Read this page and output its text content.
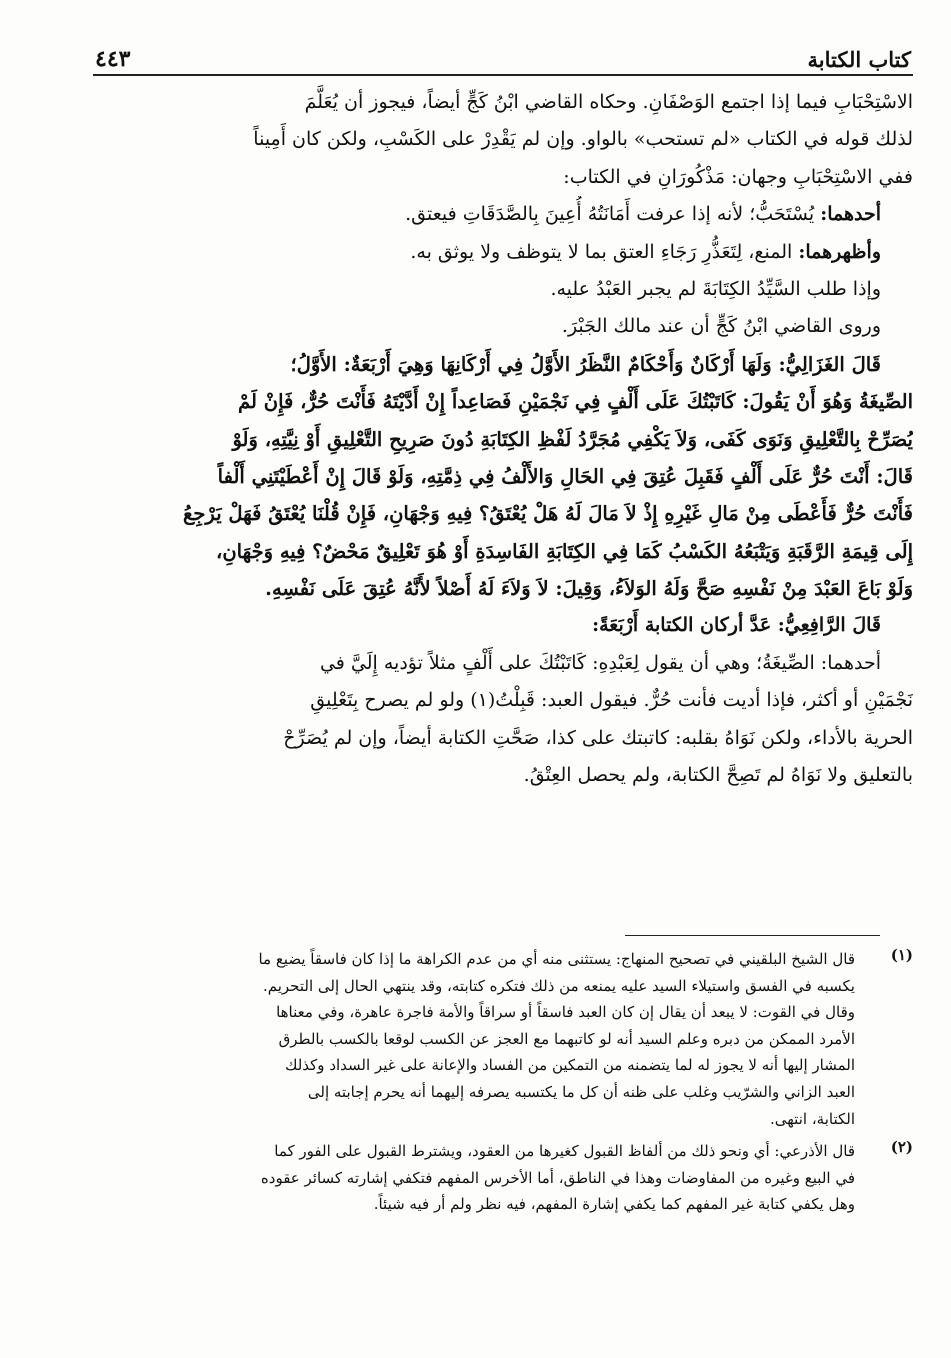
كتاب الكتابة
٤٤٣
الاسْتِحْبَابِ فيما إذا اجتمع الوَصْفَانِ. وحكاه القاضي ابْنُ كَجٍّ أيضاً، فيجوز أن يُعَلَّمَ
لذلك قوله في الكتاب «لم تستحب» بالواو. وإن لم يَقْدِرْ على الكَسْبِ، ولكن كان أَمِيناً
ففي الاسْتِحْبَابِ وجهان: مَذْكُورَانِ في الكتاب:
أحدهما: يُسْتَحَبُّ؛ لأنه إذا عرفت أَمَانَتُهُ أُعِينَ بِالصَّدَقَاتِ فيعتق.
وأظهرهما: المنع، لِتَعَذُّرِ رَجَاءِ العتق بما لا يتوظف ولا يوثق به.
وإذا طلب السَّيِّدُ الكِتَابَةَ لم يجبر العَبْدُ عليه.
وروى القاضي ابْنُ كَجٍّ أن عند مالك الجَبْرَ.
قَالَ الغَزَالِيُّ: وَلَهَا أَرْكَانٌ وَأَحْكَامٌ النَّظَرُ الأَوَّلُ فِي أَرْكَانِهَا وَهِيَ أَرْبَعَةٌ: الأَوَّلُ؛
الصِّيغَةُ وَهُوَ أَنْ يَقُولَ: كَاتَبْتُكَ عَلَى أَلْفٍ فِي نَجْمَيْنِ فَصَاعِداً إِنْ أَدَّيْتَهُ فَأَنْتَ حُرٌّ، فَإِنْ لَمْ
يُصَرِّحْ بِالتَّعْلِيقِ وَنَوَى كَفَى، وَلاَ يَكْفِي مُجَرَّدُ لَفْظِ الكِتَابَةِ دُونَ صَرِيحِ التَّعْلِيقِ أَوْ نِيَّتِهِ، وَلَوْ
قَالَ: أَنْتَ حُرٌّ عَلَى أَلْفٍ فَقَبِلَ عُتِقَ فِي الحَالِ وَالأَلْفُ فِي ذِمَّتِهِ، وَلَوْ قَالَ إِنْ أَعْطَيْتَنِي أَلْفاً
فَأَنْتَ حُرٌّ فَأَعْطَى مِنْ مَالِ غَيْرِهِ إِذْ لاَ مَالَ لَهُ هَلْ يُعْتَقُ؟ فِيهِ وَجْهَانِ، فَإِنْ قُلْنَا يُعْتَقُ فَهَلْ يَرْجِعُ
إِلَى قِيمَةِ الرَّقَبَةِ وَيَتْبَعُهُ الكَسْبُ كَمَا فِي الكِتَابَةِ الفَاسِدَةِ أَوْ هُوَ تَعْلِيقٌ مَحْضٌ؟ فِيهِ وَجْهَانِ،
وَلَوْ بَاعَ العَبْدَ مِنْ نَفْسِهِ صَحَّ وَلَهُ الوَلاَءُ، وَقِيلَ: لاَ وَلاَءَ لَهُ أَصْلاً لأَنَّهُ عُتِقَ عَلَى نَفْسِهِ.
قَالَ الرَّافِعِيُّ: عَدَّ أركان الكتابة أَرْبَعَةً:
أحدهما: الصِّيغَةُ؛ وهي أن يقول لِعَبْدِهِ: كَاتَبْتُكَ على أَلْفٍ مثلاً تؤديه إِلَيَّ في
نَجْمَيْنِ أو أكثر، فإذا أديت فأنت حُرٌّ. فيقول العبد: قَبِلْتُ(١) ولو لم يصرح بِتَعْلِيقِ
الحرية بالأداء، ولكن نَوَاهُ بقلبه: كاتبتك على كذا، صَحَّتِ الكتابة أيضاً، وإن لم يُصَرِّحْ
بالتعليق ولا نَوَاهُ لم تَصِحَّ الكتابة، ولم يحصل العِتْقُ.
(١)
قال الشيخ البلقيني في تصحيح المنهاج: يستثنى منه أي من عدم الكراهة ما إذا كان فاسقاً يضيع ما
يكسبه في الفسق واستيلاء السيد عليه يمنعه من ذلك فتكره كتابته، وقد ينتهي الحال إلى التحريم.
وقال في القوت: لا يبعد أن يقال إن كان العبد فاسقاً أو سراقاً والأمة فاجرة عاهرة، وفي معناها
الأمرد الممكن من دبره وعلم السيد أنه لو كاتبهما مع العجز عن الكسب لوقعا بالكسب بالطرق
المشار إليها أنه لا يجوز له لما يتضمنه من التمكين من الفساد والإعانة على غير السداد وكذلك
العبد الزاني والشرّيب وغلب على ظنه أن كل ما يكتسبه يصرفه إليهما أنه يحرم إجابته إلى
الكتابة، انتهى.
(٢)
قال الأذرعي: أي ونحو ذلك من ألفاظ القبول كغيرها من العقود، ويشترط القبول على الفور كما
في البيع وغيره من المفاوضات وهذا في الناطق، أما الأخرس المفهم فتكفي إشارته كسائر عقوده
وهل يكفي كتابة غير المفهم كما يكفي إشارة المفهم، فيه نظر ولم أر فيه شيئاً.
